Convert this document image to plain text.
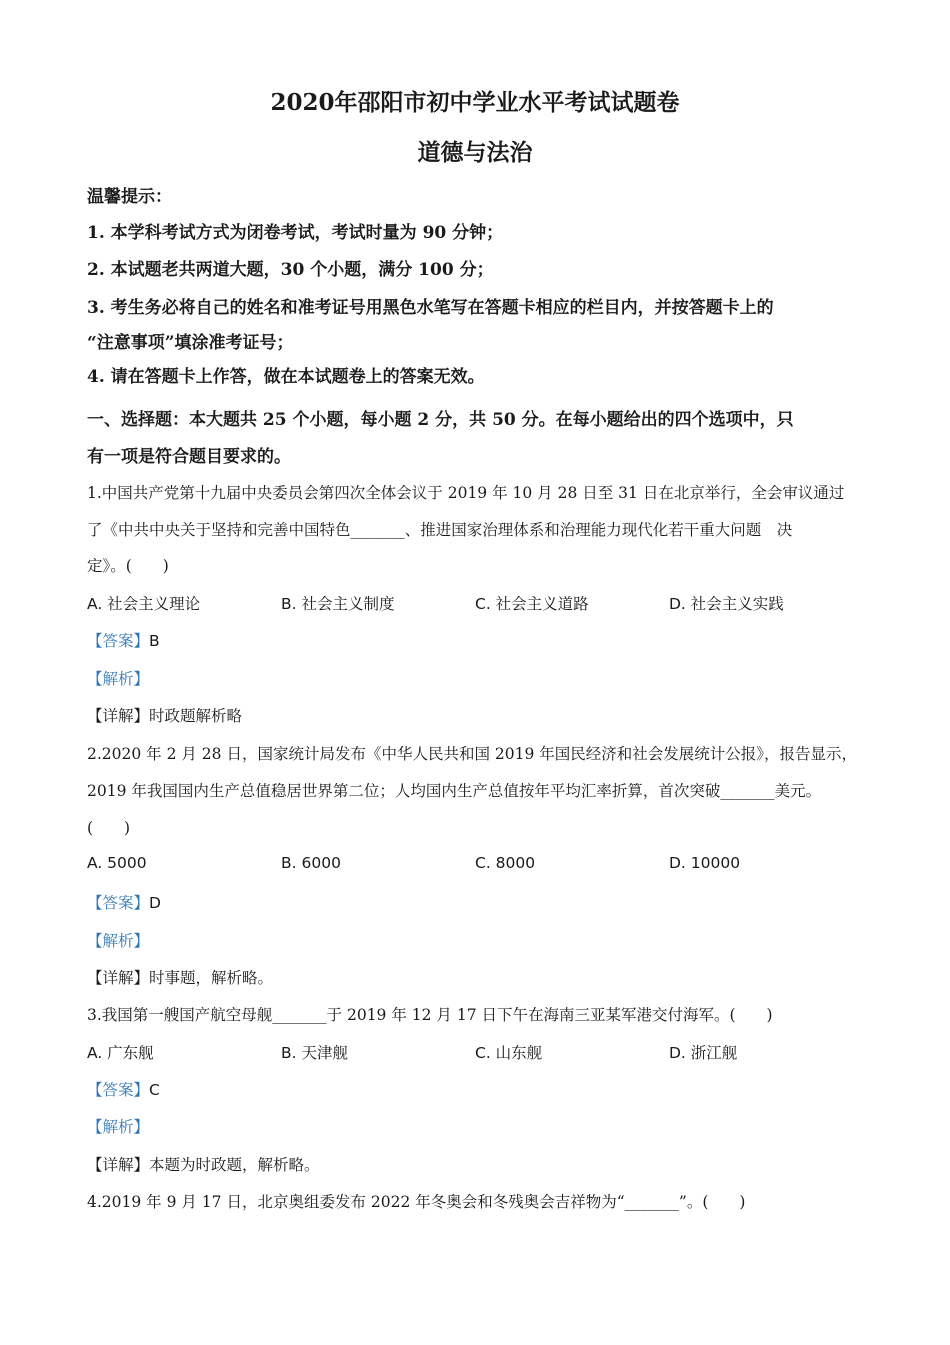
2020年邵阳市初中学业水平考试试题卷
道德与法治
温馨提示：
1. 本学科考试方式为闭卷考试，考试时量为 90 分钟；
2. 本试题老共两道大题，30 个小题，满分 100 分；
3. 考生务必将自己的姓名和准考证号用黑色水笔写在答题卡相应的栏目内，并按答题卡上的
“注意事项”填涂准考证号；
4. 请在答题卡上作答，做在本试题卷上的答案无效。
一、选择题：本大题共 25 个小题，每小题 2 分，共 50 分。在每小题给出的四个选项中，只
有一项是符合题目要求的。
1.中国共产党第十九届中央委员会第四次全体会议于 2019 年 10 月 28 日至 31 日在北京举行，全会审议通过
了《中共中央关于坚持和完善中国特色_______、推进国家治理体系和治理能力现代化若干重大问题　决
定》。(　　)
A. 社会主义理论	B. 社会主义制度	C. 社会主义道路	D. 社会主义实践
【答案】B
【解析】
【详解】时政题解析略
2.2020 年 2 月 28 日，国家统计局发布《中华人民共和国 2019 年国民经济和社会发展统计公报》，报告显示，
2019 年我国国内生产总值稳居世界第二位；人均国内生产总值按年平均汇率折算，首次突破_______美元。
(　　)
A. 5000	B. 6000	C. 8000	D. 10000
【答案】D
【解析】
【详解】时事题，解析略。
3.我国第一艘国产航空母舰_______于 2019 年 12 月 17 日下午在海南三亚某军港交付海军。(　　)
A. 广东舰	B. 天津舰	C. 山东舰	D. 浙江舰
【答案】C
【解析】
【详解】本题为时政题，解析略。
4.2019 年 9 月 17 日，北京奥组委发布 2022 年冬奥会和冬残奥会吉祥物为“_______”。(　　)
